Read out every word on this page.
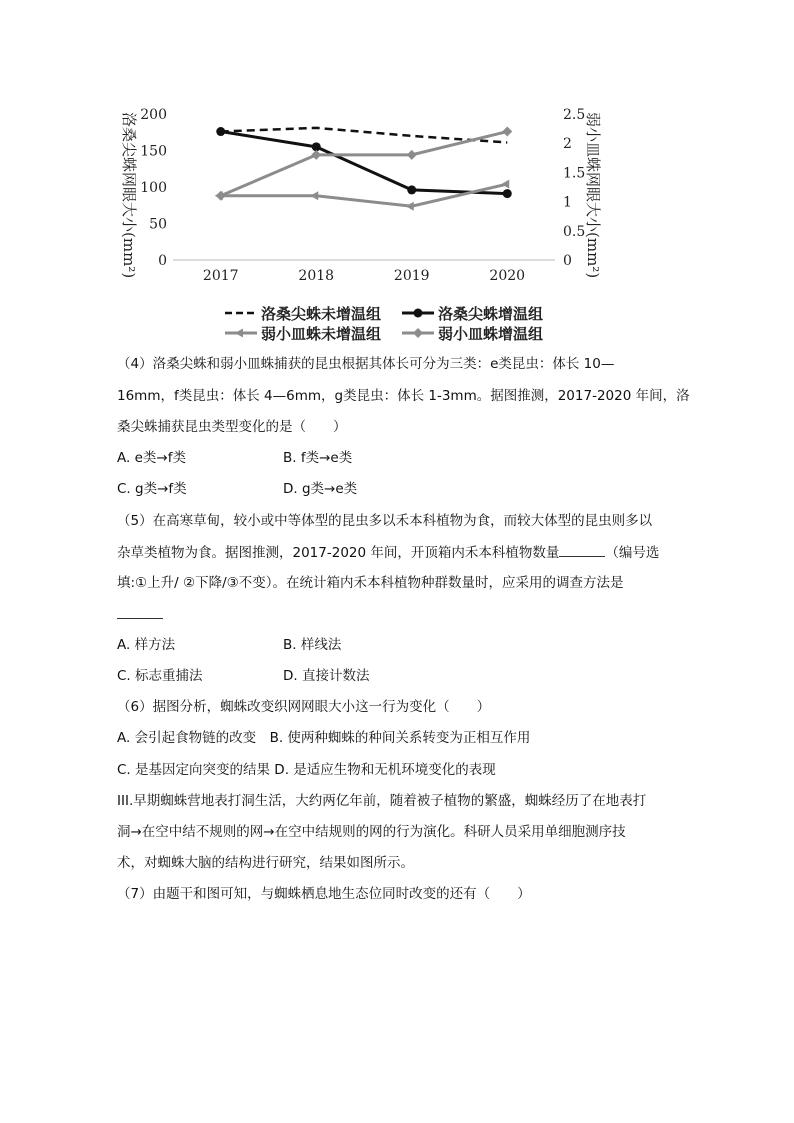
0
50
100
150
200
0
0.5
1
1.5
2
2.5
2017	2018	2019	2020
洛桑尖蛛网眼大小(mm²)	弱小皿蛛网眼大小(mm²)
洛桑尖蛛未增温组	洛桑尖蛛增温组
弱小皿蛛未增温组	弱小皿蛛增温组
（4）洛桑尖蛛和弱小皿蛛捕获的昆虫根据其体长可分为三类：e类昆虫：体长 10—
16mm，f类昆虫：体长 4—6mm，g类昆虫：体长 1-3mm。据图推测，2017-2020 年间，洛
桑尖蛛捕获昆虫类型变化的是（　　）
A. e类→f类	B. f类→e类
C. g类→f类	D. g类→e类
（5）在高寒草甸，较小或中等体型的昆虫多以禾本科植物为食，而较大体型的昆虫则多以
杂草类植物为食。据图推测，2017-2020 年间，开顶箱内禾本科植物数量	（编号选
填:①上升/ ②下降/③不变）。在统计箱内禾本科植物种群数量时，应采用的调查方法是
A. 样方法	B. 样线法
C. 标志重捕法	D. 直接计数法
（6）据图分析，蜘蛛改变织网网眼大小这一行为变化（　　）
A. 会引起食物链的改变　B. 使两种蜘蛛的种间关系转变为正相互作用
C. 是基因定向突变的结果 D. 是适应生物和无机环境变化的表现
III.早期蜘蛛营地表打洞生活，大约两亿年前，随着被子植物的繁盛，蜘蛛经历了在地表打
洞→在空中结不规则的网→在空中结规则的网的行为演化。科研人员采用单细胞测序技
术，对蜘蛛大脑的结构进行研究，结果如图所示。
（7）由题干和图可知，与蜘蛛栖息地生态位同时改变的还有（　　）
